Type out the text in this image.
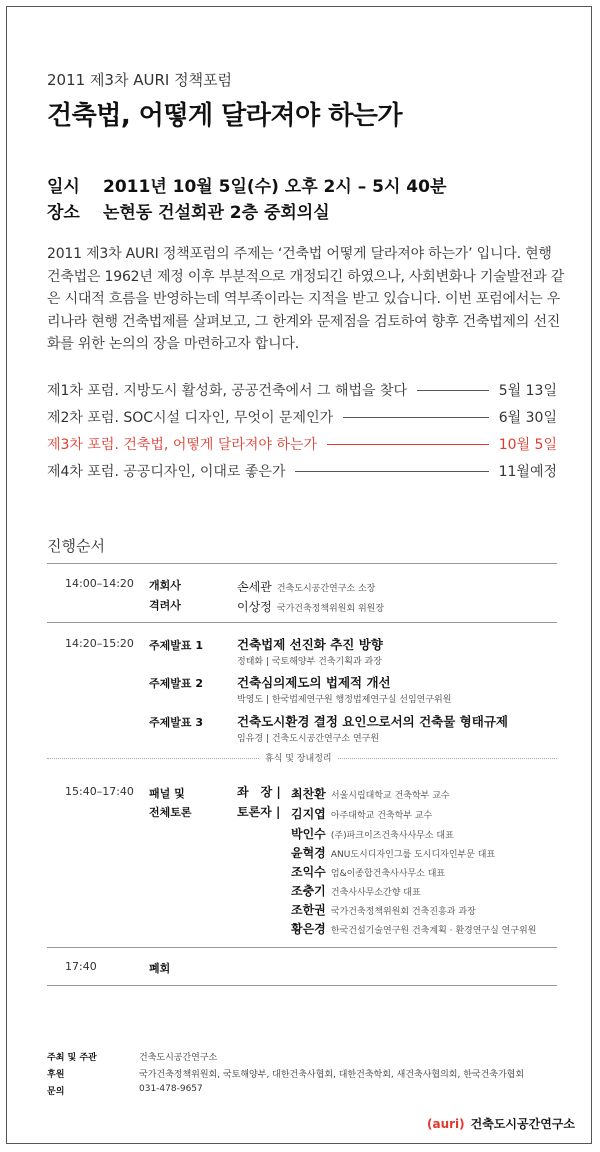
2011 제3차 AURI 정책포럼
건축법, 어떻게 달라져야 하는가
일시 2011년 10월 5일(수) 오후 2시 – 5시 40분
장소 논현동 건설회관 2층 중회의실
2011 제3차 AURI 정책포럼의 주제는 ‘건축법 어떻게 달라져야 하는가’ 입니다. 현행 건축법은 1962년 제정 이후 부분적으로 개정되긴 하였으나, 사회변화나 기술발전과 같은 시대적 흐름을 반영하는데 역부족이라는 지적을 받고 있습니다. 이번 포럼에서는 우리나라 현행 건축법제를 살펴보고, 그 한계와 문제점을 검토하여 향후 건축법제의 선진화를 위한 논의의 장을 마련하고자 합니다.
제1차 포럼. 지방도시 활성화, 공공건축에서 그 해법을 찾다	5월 13일
제2차 포럼. SOC시설 디자인, 무엇이 문제인가	6월 30일
제3차 포럼. 건축법, 어떻게 달라져야 하는가	10월 5일
제4차 포럼. 공공디자인, 이대로 좋은가	11월예정
진행순서
14:00–14:20 개회사	손세관 건축도시공간연구소 소장
격려사	이상정 국가건축정책위원회 위원장
14:20–15:20 주제발표 1	건축법제 선진화 추진 방향
정태화 | 국토해양부 건축기획과 과장
주제발표 2	건축심의제도의 법제적 개선
박영도 | 한국법제연구원 행정법제연구실 선임연구위원
주제발표 3	건축도시환경 결정 요인으로서의 건축물 형태규제
임유경 | 건축도시공간연구소 연구원
휴식 및 장내정리
15:40–17:40 패널 및
전체토론
좌　장 | 최찬환 서울시립대학교 건축학부 교수
토론자 | 김지엽 아주대학교 건축학부 교수
박인수 (주)파크이즈건축사사무소 대표
윤혁경 ANU도시디자인그룹 도시디자인부문 대표
조익수 엄&이종합건축사사무소 대표
조충기 건축사사무소간향 대표
조한권 국가건축정책위원회 건축진흥과 과장
황은경 한국건설기술연구원 건축계획 · 환경연구실 연구위원
17:40	폐회
주최 및 주관	건축도시공간연구소
후원	국가건축정책위원회, 국토해양부, 대한건축사협회, 대한건축학회, 새건축사협의회, 한국건축가협회
문의	031-478-9657
(auri) 건축도시공간연구소
